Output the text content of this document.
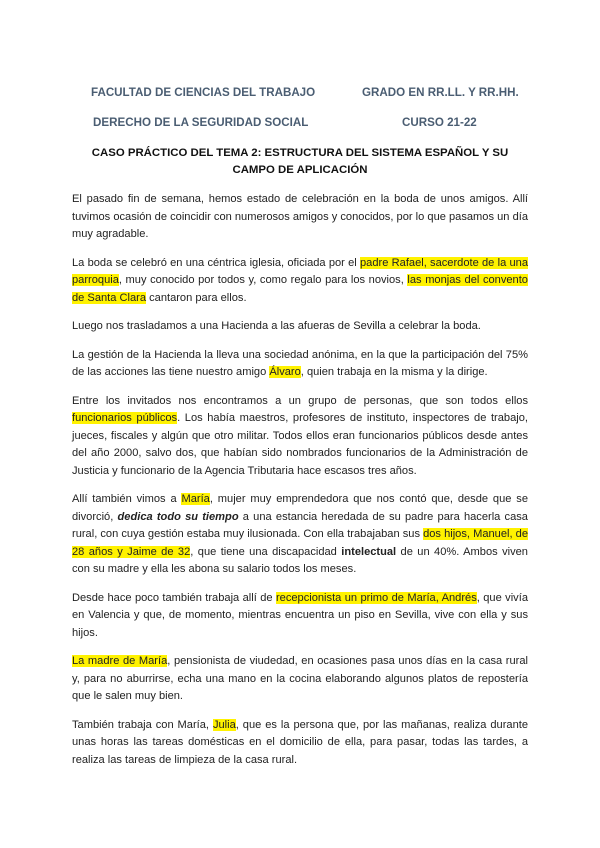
FACULTAD DE CIENCIAS DEL TRABAJO	GRADO EN RR.LL. Y RR.HH.
DERECHO DE LA SEGURIDAD SOCIAL	CURSO 21-22
CASO PRÁCTICO DEL TEMA 2: ESTRUCTURA DEL SISTEMA ESPAÑOL Y SU CAMPO DE APLICACIÓN

El pasado fin de semana, hemos estado de celebración en la boda de unos amigos. Allí tuvimos ocasión de coincidir con numerosos amigos y conocidos, por lo que pasamos un día muy agradable.

La boda se celebró en una céntrica iglesia, oficiada por el padre Rafael, sacerdote de la una parroquia, muy conocido por todos y, como regalo para los novios, las monjas del convento de Santa Clara cantaron para ellos.

Luego nos trasladamos a una Hacienda a las afueras de Sevilla a celebrar la boda.

La gestión de la Hacienda la lleva una sociedad anónima, en la que la participación del 75% de las acciones las tiene nuestro amigo Álvaro, quien trabaja en la misma y la dirige.

Entre los invitados nos encontramos a un grupo de personas, que son todos ellos funcionarios públicos. Los había maestros, profesores de instituto, inspectores de trabajo, jueces, fiscales y algún que otro militar. Todos ellos eran funcionarios públicos desde antes del año 2000, salvo dos, que habían sido nombrados funcionarios de la Administración de Justicia y funcionario de la Agencia Tributaria hace escasos tres años.

Allí también vimos a María, mujer muy emprendedora que nos contó que, desde que se divorció, dedica todo su tiempo a una estancia heredada de su padre para hacerla casa rural, con cuya gestión estaba muy ilusionada. Con ella trabajaban sus dos hijos, Manuel, de 28 años y Jaime de 32, que tiene una discapacidad intelectual de un 40%. Ambos viven con su madre y ella les abona su salario todos los meses.

Desde hace poco también trabaja allí de recepcionista un primo de María, Andrés, que vivía en Valencia y que, de momento, mientras encuentra un piso en Sevilla, vive con ella y sus hijos.

La madre de María, pensionista de viudedad, en ocasiones pasa unos días en la casa rural y, para no aburrirse, echa una mano en la cocina elaborando algunos platos de repostería que le salen muy bien.

También trabaja con María, Julia, que es la persona que, por las mañanas, realiza durante unas horas las tareas domésticas en el domicilio de ella, para pasar, todas las tardes, a realiza las tareas de limpieza de la casa rural.
